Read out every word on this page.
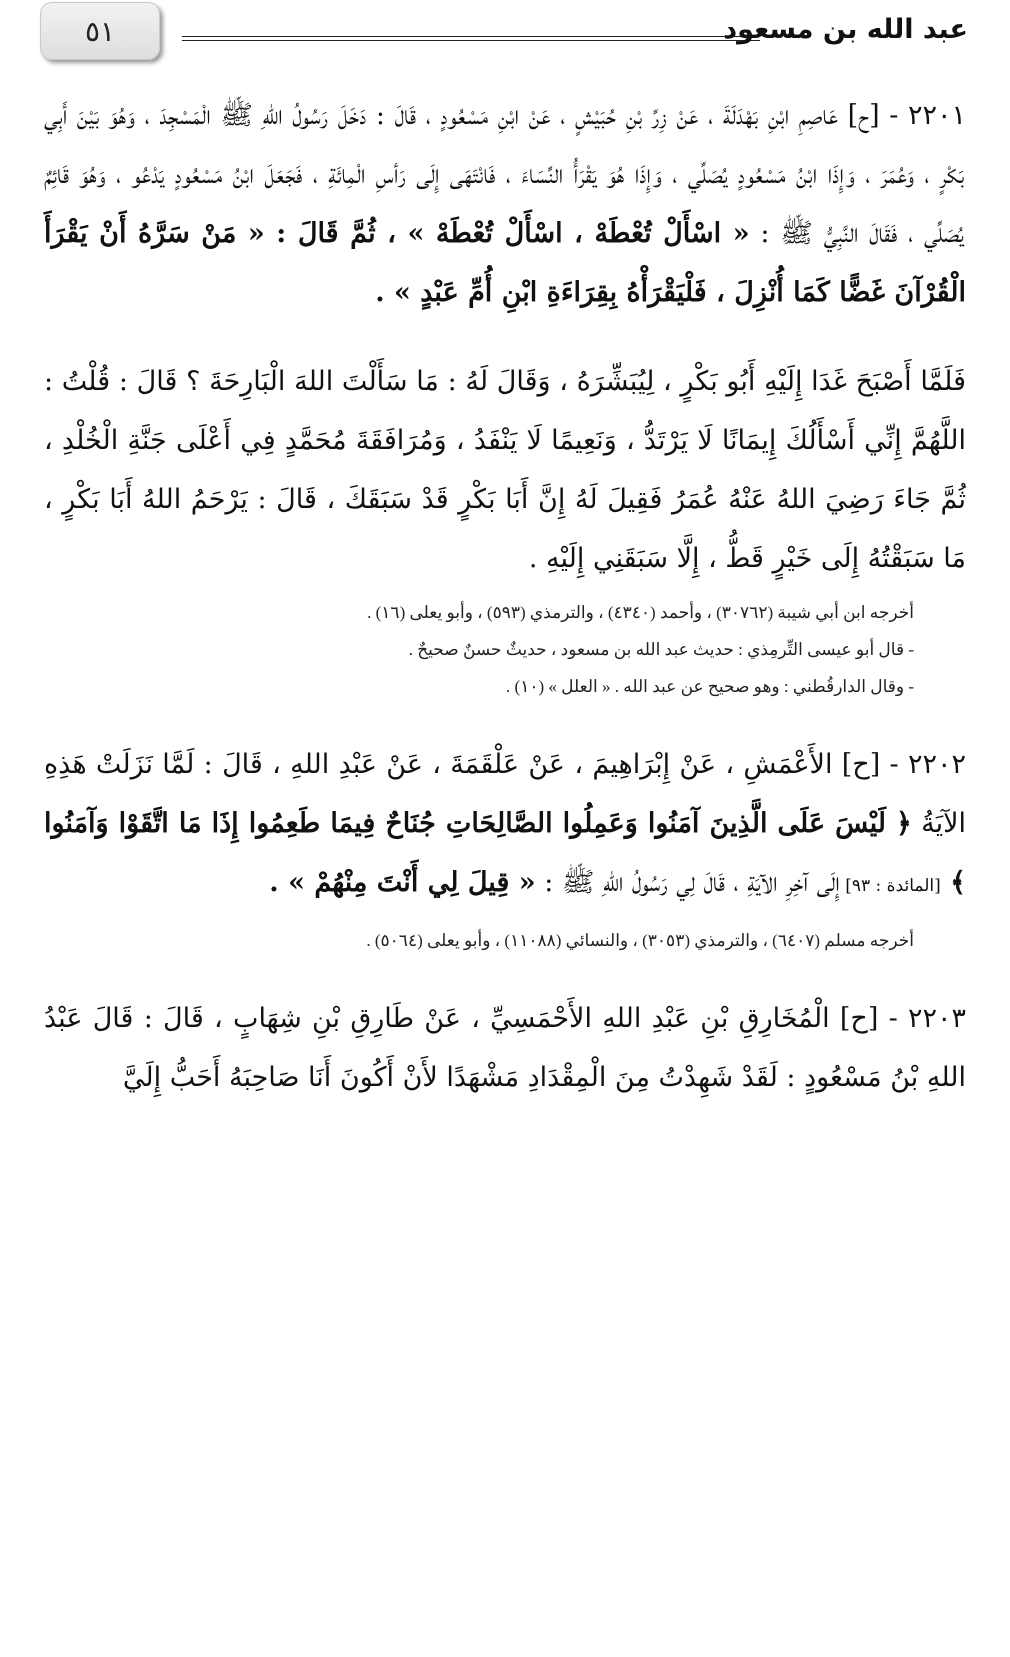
٥١	عبد الله بن مسعود

٢٢٠١ - [ح] عَاصِمِ ابْنِ بَهْدَلَةَ ، عَنْ زِرِّ بْنِ حُبَيْشٍ ، عَنْ ابْنِ مَسْعُودٍ ، قَالَ : دَخَلَ رَسُولُ اللهِ ﷺ الْمَسْجِدَ ، وَهُوَ بَيْنَ أَبِي بَكْرٍ ، وَعُمَرَ ، وَإِذَا ابْنُ مَسْعُودٍ يُصَلِّي ، وَإِذَا هُوَ يَقْرَأُ النِّسَاءَ ، فَانْتَهَى إِلَى رَأسِ الْمِائَةِ ، فَجَعَلَ ابْنُ مَسْعُودٍ يَدْعُو ، وَهُوَ قَائِمٌ يُصَلِّي ، فَقَالَ النَّبِيُّ ﷺ : « اسْأَلْ تُعْطَهْ ، اسْأَلْ تُعْطَهْ » ، ثُمَّ قَالَ : « مَنْ سَرَّهُ أَنْ يَقْرَأَ الْقُرْآنَ غَضًّا كَمَا أُنْزِلَ ، فَلْيَقْرَأْهُ بِقِرَاءَةِ ابْنِ أُمِّ عَبْدٍ » .

فَلَمَّا أَصْبَحَ غَدَا إِلَيْهِ أَبُو بَكْرٍ ، لِيُبَشِّرَهُ ، وَقَالَ لَهُ : مَا سَأَلْتَ اللهَ الْبَارِحَةَ ؟ قَالَ : قُلْتُ : اللَّهُمَّ إِنِّي أَسْأَلُكَ إِيمَانًا لَا يَرْتَدُّ ، وَنَعِيمًا لَا يَنْفَدُ ، وَمُرَافَقَةَ مُحَمَّدٍ فِي أَعْلَى جَنَّةِ الْخُلْدِ ، ثُمَّ جَاءَ رَضِيَ اللهُ عَنْهُ عُمَرُ فَقِيلَ لَهُ إِنَّ أَبَا بَكْرٍ قَدْ سَبَقَكَ ، قَالَ : يَرْحَمُ اللهُ أَبَا بَكْرٍ ، مَا سَبَقْتُهُ إِلَى خَيْرٍ قَطُّ ، إِلَّا سَبَقَنِي إِلَيْهِ .

أخرجه ابن أبي شيبة (٣٠٧٦٢) ، وأحمد (٤٣٤٠) ، والترمذي (٥٩٣) ، وأبو يعلى (١٦) .

- قال أبو عيسى التِّرمِذي : حديث عبد الله بن مسعود ، حديثٌ حسنٌ صحيحٌ .

- وقال الدارقُطني : وهو صحيح عن عبد الله . « العلل » (١٠) .

٢٢٠٢ - [ح] الأَعْمَشِ ، عَنْ إِبْرَاهِيمَ ، عَنْ عَلْقَمَةَ ، عَنْ عَبْدِ اللهِ ، قَالَ : لَمَّا نَزَلَتْ هَذِهِ الآيَةُ ﴿ لَيْسَ عَلَى الَّذِينَ آمَنُوا وَعَمِلُوا الصَّالِحَاتِ جُنَاحٌ فِيمَا طَعِمُوا إِذَا مَا اتَّقَوْا وَآمَنُوا ﴾ [المائدة : ٩٣] إِلَى آخِرِ الآيَةِ ، قَالَ لِي رَسُولُ اللهِ ﷺ : « قِيلَ لِي أَنْتَ مِنْهُمْ » .

أخرجه مسلم (٦٤٠٧) ، والترمذي (٣٠٥٣) ، والنسائي (١١٠٨٨) ، وأبو يعلى (٥٠٦٤) .

٢٢٠٣ - [ح] الْمُخَارِقِ بْنِ عَبْدِ اللهِ الأَحْمَسِيِّ ، عَنْ طَارِقِ بْنِ شِهَابٍ ، قَالَ : قَالَ عَبْدُ اللهِ بْنُ مَسْعُودٍ : لَقَدْ شَهِدْتُ مِنَ الْمِقْدَادِ مَشْهَدًا لأَنْ أَكُونَ أَنَا صَاحِبَهُ أَحَبُّ إِلَيَّ
